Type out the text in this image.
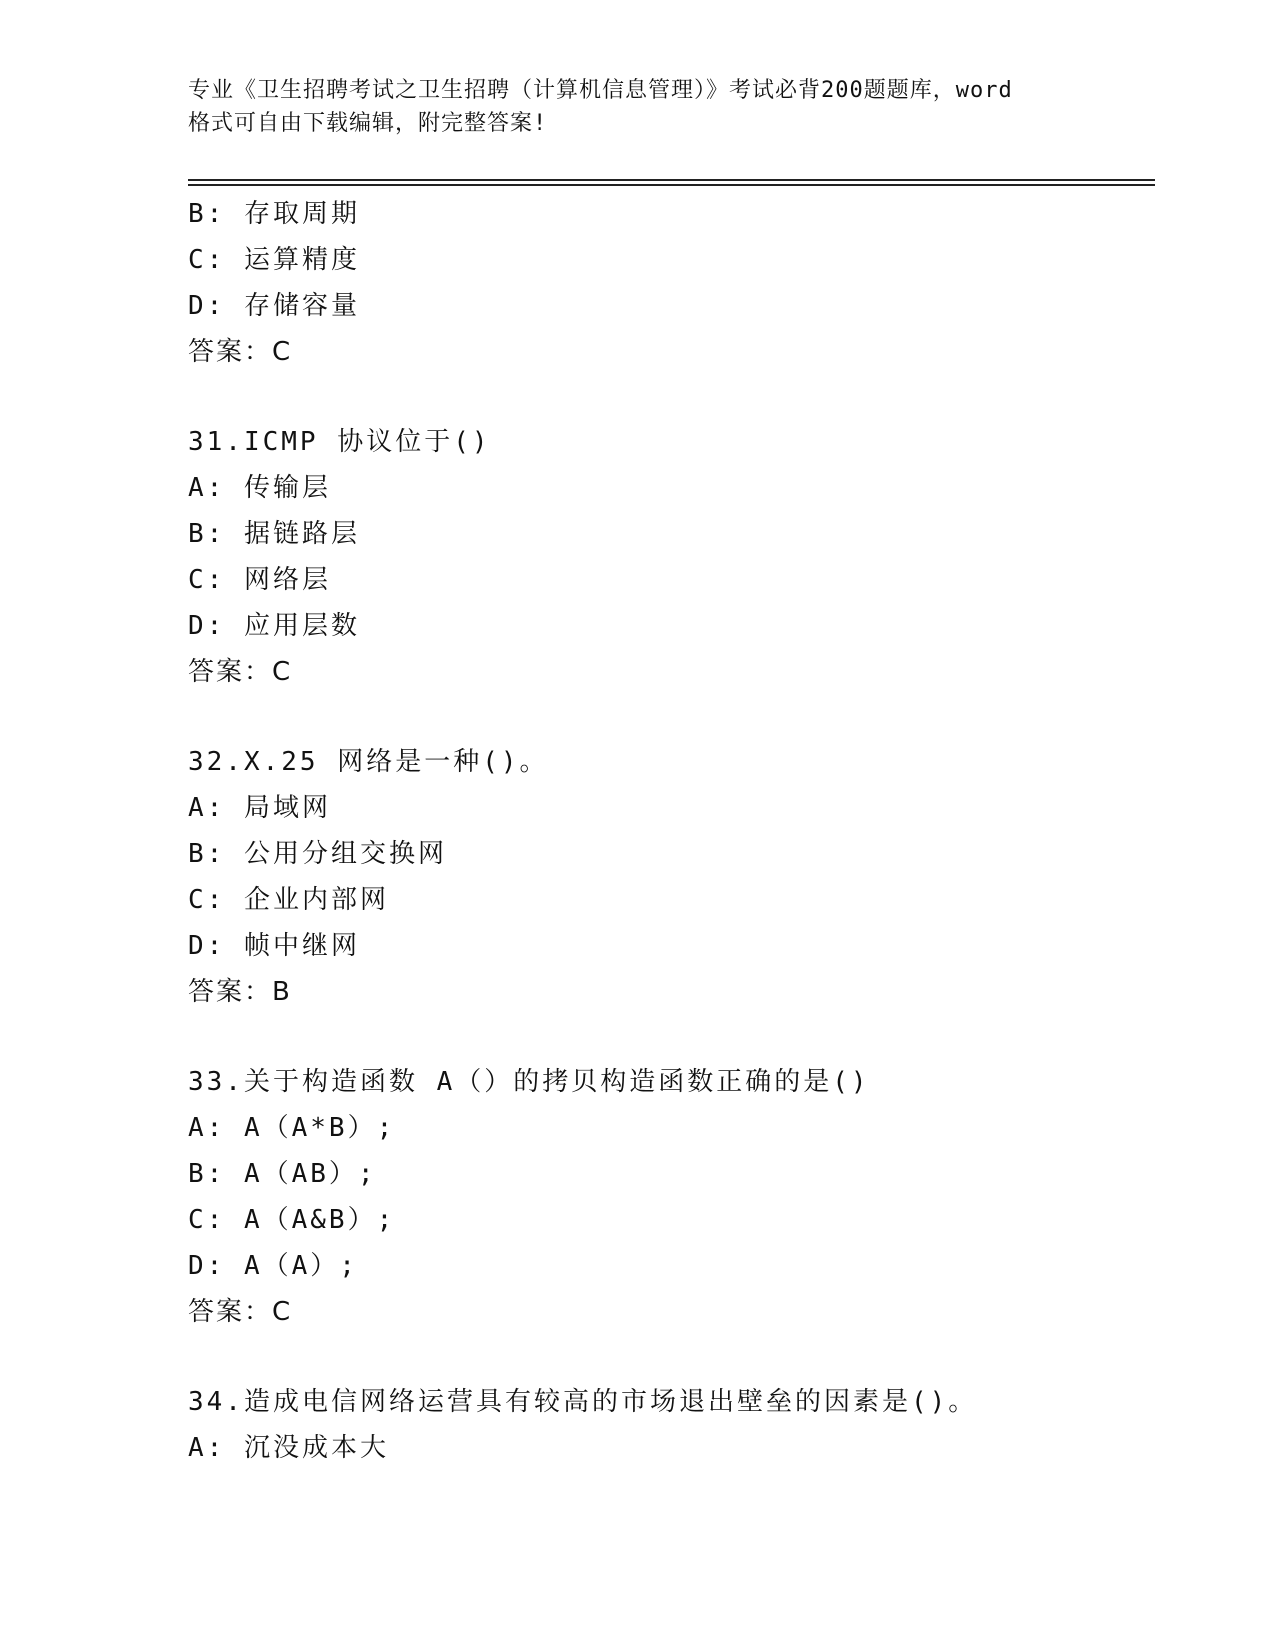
专业《卫生招聘考试之卫生招聘（计算机信息管理）》考试必背200题题库，word
格式可自由下载编辑，附完整答案!
B: 存取周期
C: 运算精度
D: 存储容量
答案：C
31.ICMP 协议位于()
A: 传输层
B: 据链路层
C: 网络层
D: 应用层数
答案：C
32.X.25 网络是一种()。
A: 局域网
B: 公用分组交换网
C: 企业内部网
D: 帧中继网
答案：B
33.关于构造函数 A（）的拷贝构造函数正确的是()
A: A（A*B）;
B: A（AB）;
C: A（A&B）;
D: A（A）;
答案：C
34.造成电信网络运营具有较高的市场退出壁垒的因素是()。
A: 沉没成本大
